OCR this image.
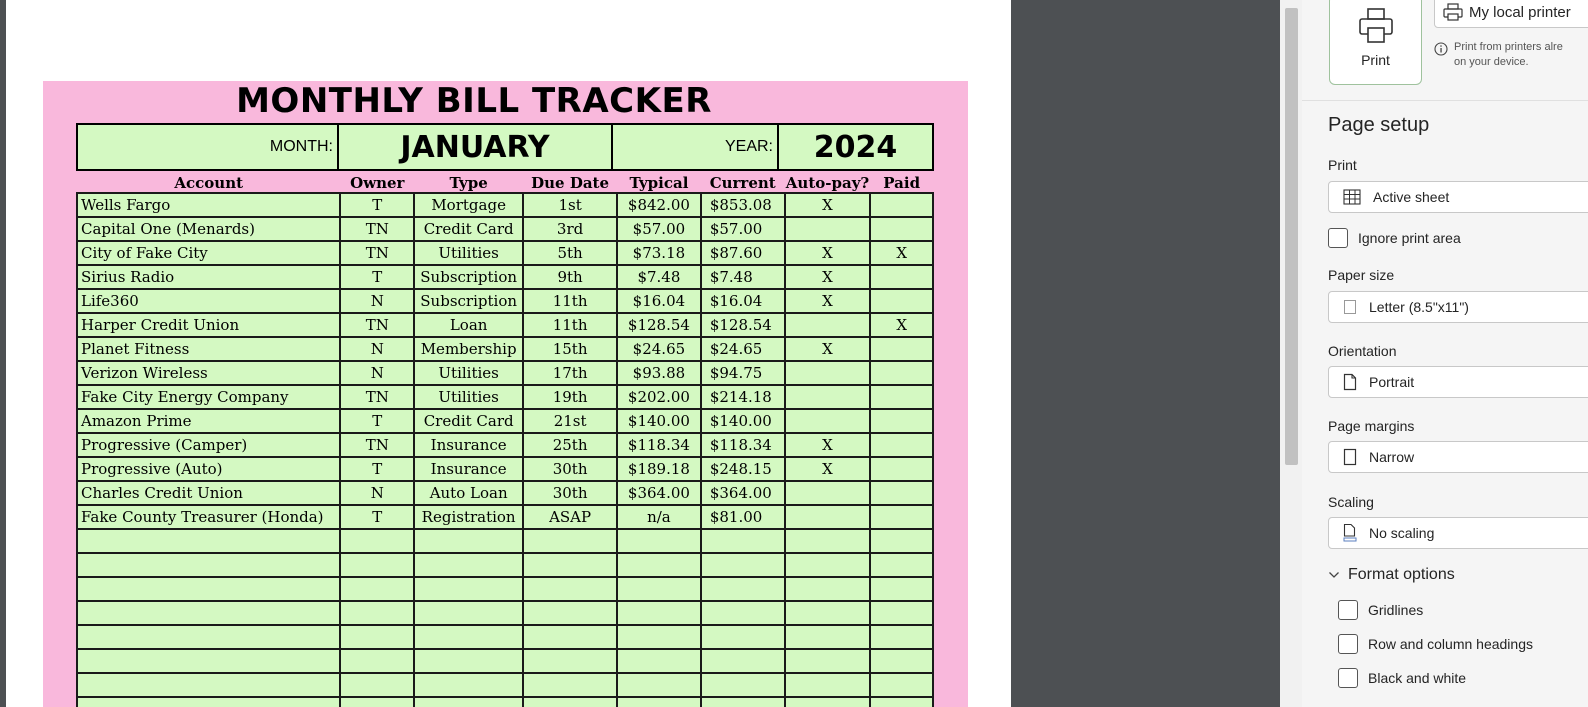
MONTHLY BILL TRACKER
MONTH:	JANUARY	YEAR:	2024
Account	Owner	Type	Due Date	Typical	Current	Auto-pay?	Paid
Wells Fargo	T	Mortgage	1st	$842.00	$853.08	X	
Capital One (Menards)	TN	Credit Card	3rd	$57.00	$57.00		
City of Fake City	TN	Utilities	5th	$73.18	$87.60	X	X
Sirius Radio	T	Subscription	9th	$7.48	$7.48	X	
Life360	N	Subscription	11th	$16.04	$16.04	X	
Harper Credit Union	TN	Loan	11th	$128.54	$128.54		X
Planet Fitness	N	Membership	15th	$24.65	$24.65	X	
Verizon Wireless	N	Utilities	17th	$93.88	$94.75		
Fake City Energy Company	TN	Utilities	19th	$202.00	$214.18		
Amazon Prime	T	Credit Card	21st	$140.00	$140.00		
Progressive (Camper)	TN	Insurance	25th	$118.34	$118.34	X	
Progressive (Auto)	T	Insurance	30th	$189.18	$248.15	X	
Charles Credit Union	N	Auto Loan	30th	$364.00	$364.00		
Fake County Treasurer (Honda)	T	Registration	ASAP	n/a	$81.00		

Print
My local printer
Print from printers alre
on your device.
Page setup
Print
Active sheet
Ignore print area
Paper size
Letter (8.5"x11")
Orientation
Portrait
Page margins
Narrow
Scaling
No scaling
Format options
Gridlines
Row and column headings
Black and white
